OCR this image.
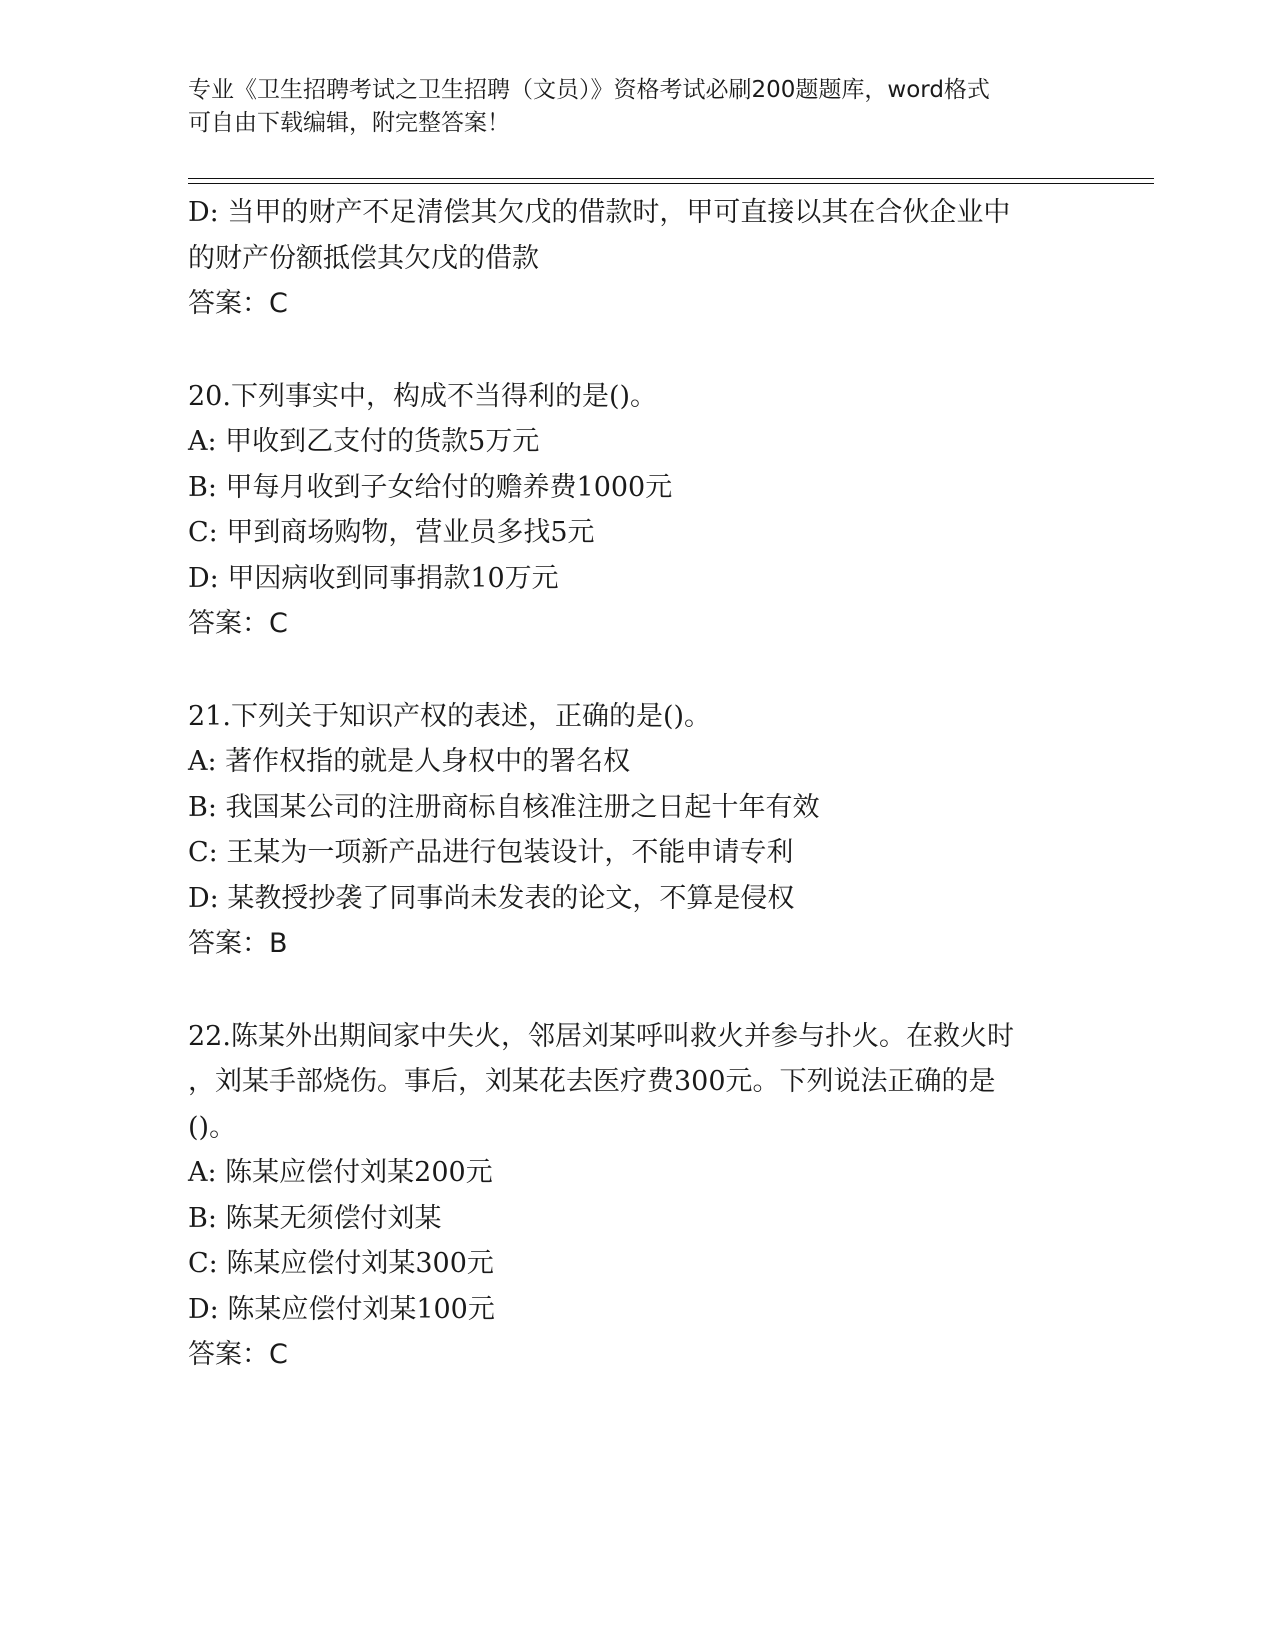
专业《卫生招聘考试之卫生招聘（文员）》资格考试必刷200题题库，word格式
可自由下载编辑，附完整答案！
D: 当甲的财产不足清偿其欠戊的借款时，甲可直接以其在合伙企业中
的财产份额抵偿其欠戊的借款
答案：C
20.下列事实中，构成不当得利的是()。
A: 甲收到乙支付的货款5万元
B: 甲每月收到子女给付的赡养费1000元
C: 甲到商场购物，营业员多找5元
D: 甲因病收到同事捐款10万元
答案：C
21.下列关于知识产权的表述，正确的是()。
A: 著作权指的就是人身权中的署名权
B: 我国某公司的注册商标自核准注册之日起十年有效
C: 王某为一项新产品进行包装设计，不能申请专利
D: 某教授抄袭了同事尚未发表的论文，不算是侵权
答案：B
22.陈某外出期间家中失火，邻居刘某呼叫救火并参与扑火。在救火时
，刘某手部烧伤。事后，刘某花去医疗费300元。下列说法正确的是
()。
A: 陈某应偿付刘某200元
B: 陈某无须偿付刘某
C: 陈某应偿付刘某300元
D: 陈某应偿付刘某100元
答案：C
